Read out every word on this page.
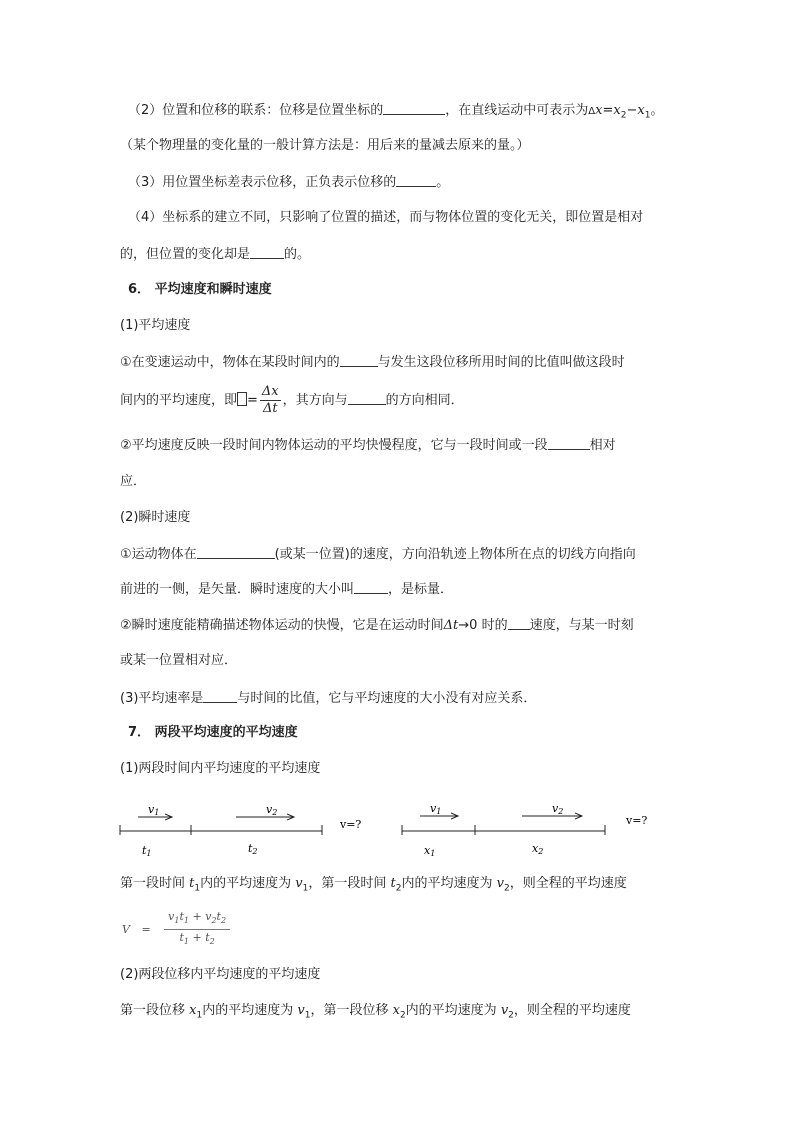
（2）位置和位移的联系：位移是位置坐标的	，在直线运动中可表示为$\Delta x=x_2-x_1$。
（某个物理量的变化量的一般计算方法是：用后来的量减去原来的量。）
（3）用位置坐标差表示位移，正负表示位移的	。
（4）坐标系的建立不同，只影响了位置的描述，而与物体位置的变化无关，即位置是相对
的，但位置的变化却是	的。
6． 平均速度和瞬时速度
(1)平均速度
①在变速运动中，物体在某段时间内的	与发生这段位移所用时间的比值叫做这段时
间内的平均速度，即 = $\frac{\Delta x}{\Delta t}$ ，其方向与	的方向相同．
②平均速度反映一段时间内物体运动的平均快慢程度，它与一段时间或一段	相对
应．
(2)瞬时速度
①运动物体在	(或某一位置)的速度，方向沿轨迹上物体所在点的切线方向指向
前进的一侧，是矢量．瞬时速度的大小叫	，是标量．
②瞬时速度能精确描述物体运动的快慢，它是在运动时间Δt→0 时的 速度，与某一时刻
或某一位置相对应．
(3)平均速率是	与时间的比值，它与平均速度的大小没有对应关系．
7． 两段平均速度的平均速度
(1)两段时间内平均速度的平均速度
v1	v2
t1	t2
v=?
v1	v2
x1	x2
v=?
第一段时间 $t_1$内的平均速度为 $v_1$，第一段时间 $t_2$内的平均速度为 $v_2$，则全程的平均速度
$V = \frac{v_1t_1 + v_2t_2}{t_1 + t_2}$
(2)两段位移内平均速度的平均速度
第一段位移 $x_1$内的平均速度为 $v_1$，第一段位移 $x_2$内的平均速度为 $v_2$，则全程的平均速度
